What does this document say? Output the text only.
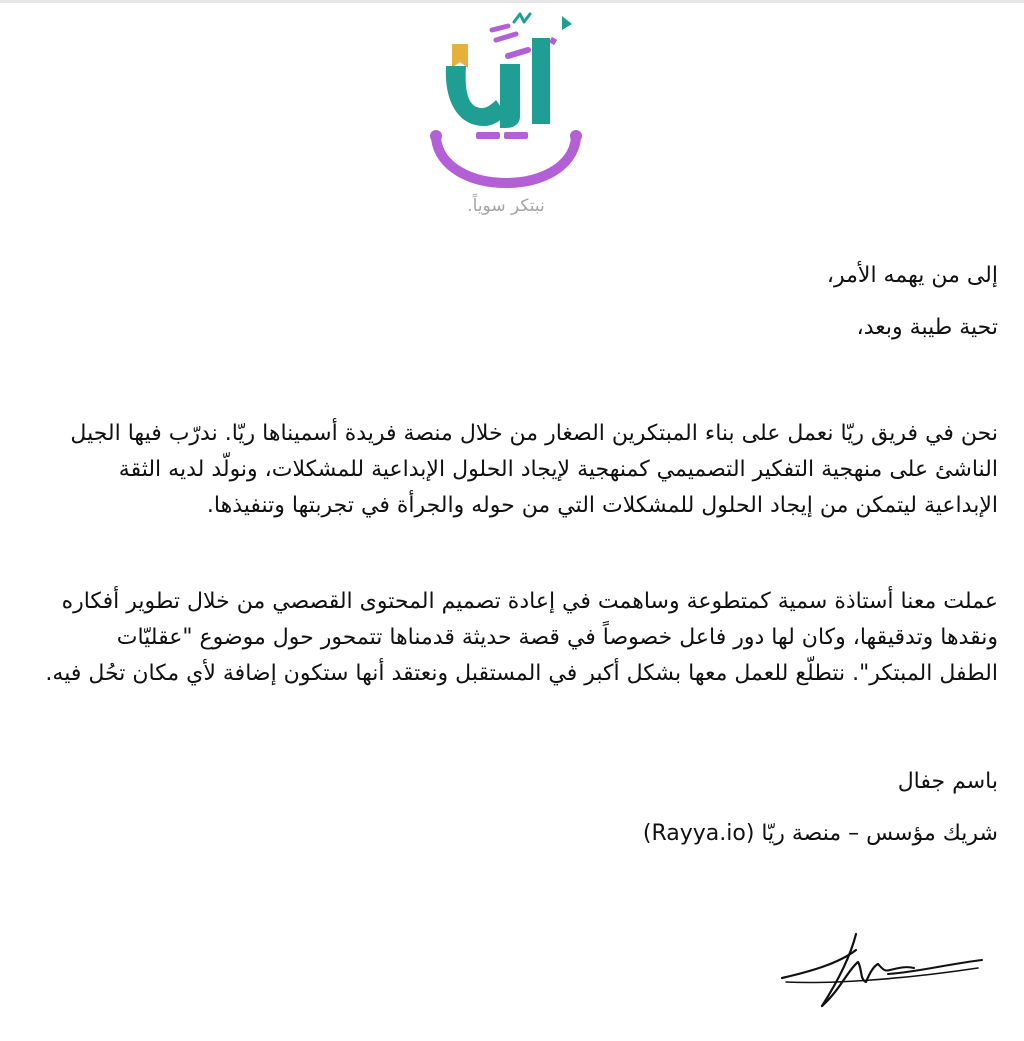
نبتكر سوياً.

إلى من يهمه الأمر،

تحية طيبة وبعد،

نحن في فريق ريّا نعمل على بناء المبتكرين الصغار من خلال منصة فريدة أسميناها ريّا. ندرّب فيها الجيل

الناشئ على منهجية التفكير التصميمي كمنهجية لإيجاد الحلول الإبداعية للمشكلات، ونولّد لديه الثقة

الإبداعية ليتمكن من إيجاد الحلول للمشكلات التي من حوله والجرأة في تجربتها وتنفيذها.

عملت معنا أستاذة سمية كمتطوعة وساهمت في إعادة تصميم المحتوى القصصي من خلال تطوير أفكاره

ونقدها وتدقيقها، وكان لها دور فاعل خصوصاً في قصة حديثة قدمناها تتمحور حول موضوع "عقليّات

الطفل المبتكر". نتطلّع للعمل معها بشكل أكبر في المستقبل ونعتقد أنها ستكون إضافة لأي مكان تحُل فيه.

باسم جفال

شريك مؤسس – منصة ريّا (Rayya.io)
